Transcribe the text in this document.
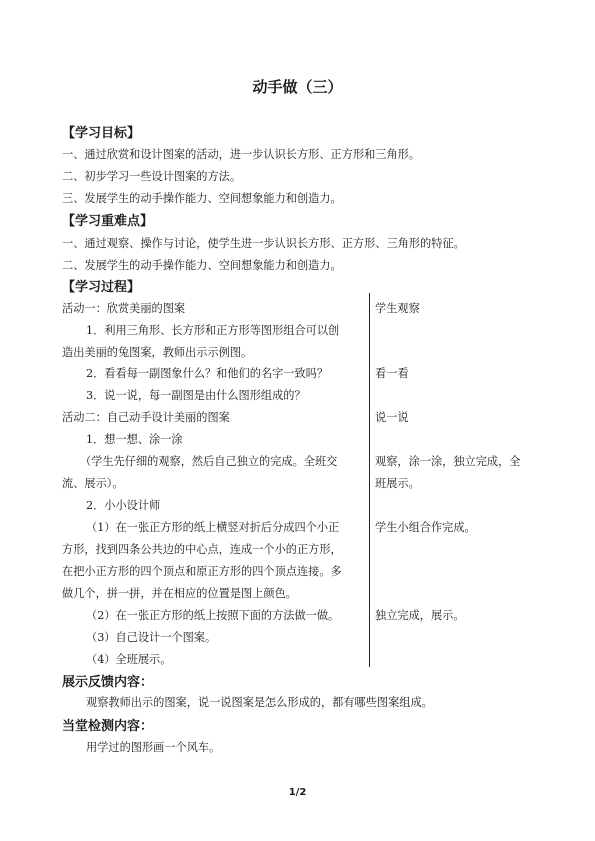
动手做（三）
【学习目标】
一、通过欣赏和设计图案的活动，进一步认识长方形、正方形和三角形。
二、初步学习一些设计图案的方法。
三、发展学生的动手操作能力、空间想象能力和创造力。
【学习重难点】
一、通过观察、操作与讨论，使学生进一步认识长方形、正方形、三角形的特征。
二、发展学生的动手操作能力、空间想象能力和创造力。
【学习过程】
活动一：欣赏美丽的图案
1．利用三角形、长方形和正方形等图形组合可以创
造出美丽的兔图案，教师出示示例图。
2．看看每一副图象什么？和他们的名字一致吗？
3．说一说，每一副图是由什么图形组成的？
活动二：自己动手设计美丽的图案
1．想一想、涂一涂
（学生先仔细的观察，然后自己独立的完成。全班交
流、展示）。
2．小小设计师
（1）在一张正方形的纸上横竖对折后分成四个小正
方形，找到四条公共边的中心点，连成一个小的正方形，
在把小正方形的四个顶点和原正方形的四个顶点连接。多
做几个，拼一拼，并在相应的位置是图上颜色。
（2）在一张正方形的纸上按照下面的方法做一做。
（3）自己设计一个图案。
（4）全班展示。
学生观察
看一看
说一说
观察，涂一涂，独立完成，全
班展示。
学生小组合作完成。
独立完成，展示。
展示反馈内容：
观察教师出示的图案，说一说图案是怎么形成的，都有哪些图案组成。
当堂检测内容：
用学过的图形画一个风车。
1/2
